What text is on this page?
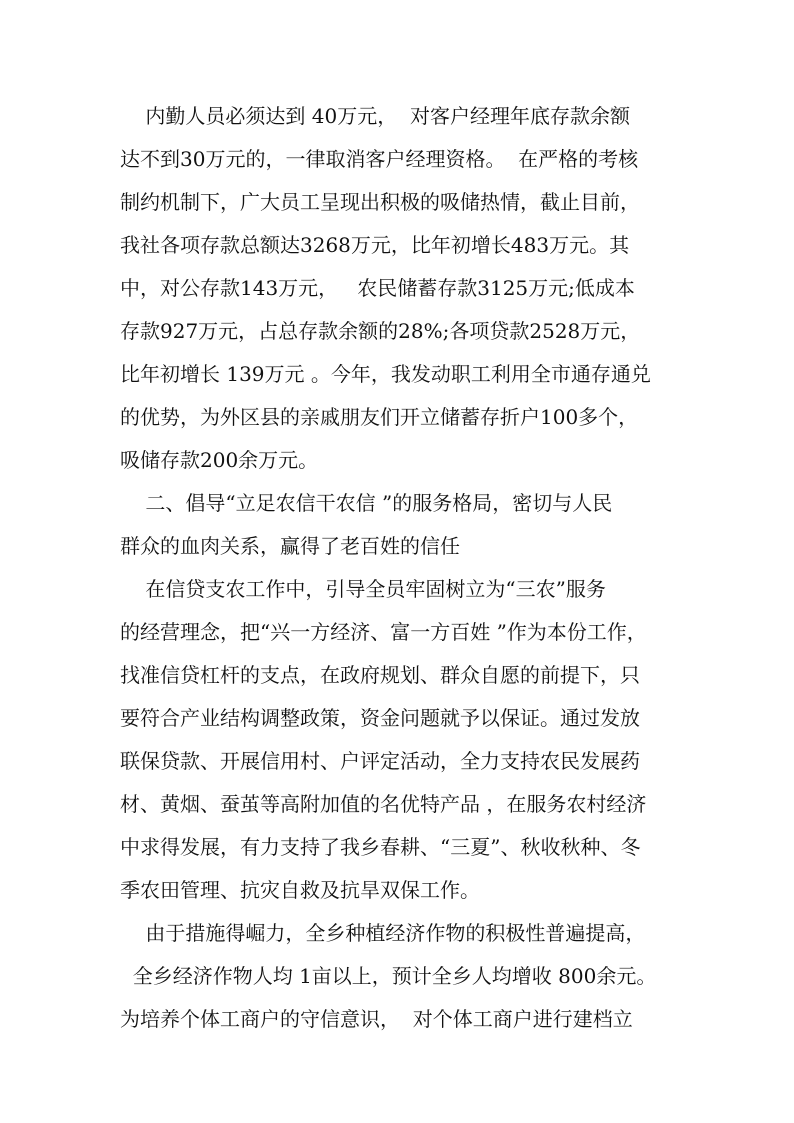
内勤人员必须达到 40万元，  对客户经理年底存款余额
达不到30万元的，一律取消客户经理资格。  在严格的考核
制约机制下，广大员工呈现出积极的吸储热情，截止目前，
我社各项存款总额达3268万元，比年初增长483万元。其
中，对公存款143万元，   农民储蓄存款3125万元;低成本
存款927万元，占总存款余额的28%;各项贷款2528万元，
比年初增长 139万元 。今年，我发动职工利用全市通存通兑
的优势，为外区县的亲戚朋友们开立储蓄存折户100多个，
吸储存款200余万元。
二、倡导“立足农信干农信 ”的服务格局，密切与人民
群众的血肉关系，赢得了老百姓的信任
在信贷支农工作中，引导全员牢固树立为“三农”服务
的经营理念，把“兴一方经济、富一方百姓 ”作为本份工作，
找准信贷杠杆的支点，在政府规划、群众自愿的前提下，只
要符合产业结构调整政策，资金问题就予以保证。通过发放
联保贷款、开展信用村、户评定活动，全力支持农民发展药
材、黄烟、蚕茧等高附加值的名优特产品 ，在服务农村经济
中求得发展，有力支持了我乡春耕、“三夏”、秋收秋种、冬
季农田管理、抗灾自救及抗旱双保工作。
由于措施得崛力，全乡种植经济作物的积极性普遍提高，
全乡经济作物人均 1亩以上，预计全乡人均增收 800余元。
为培养个体工商户的守信意识，  对个体工商户进行建档立
